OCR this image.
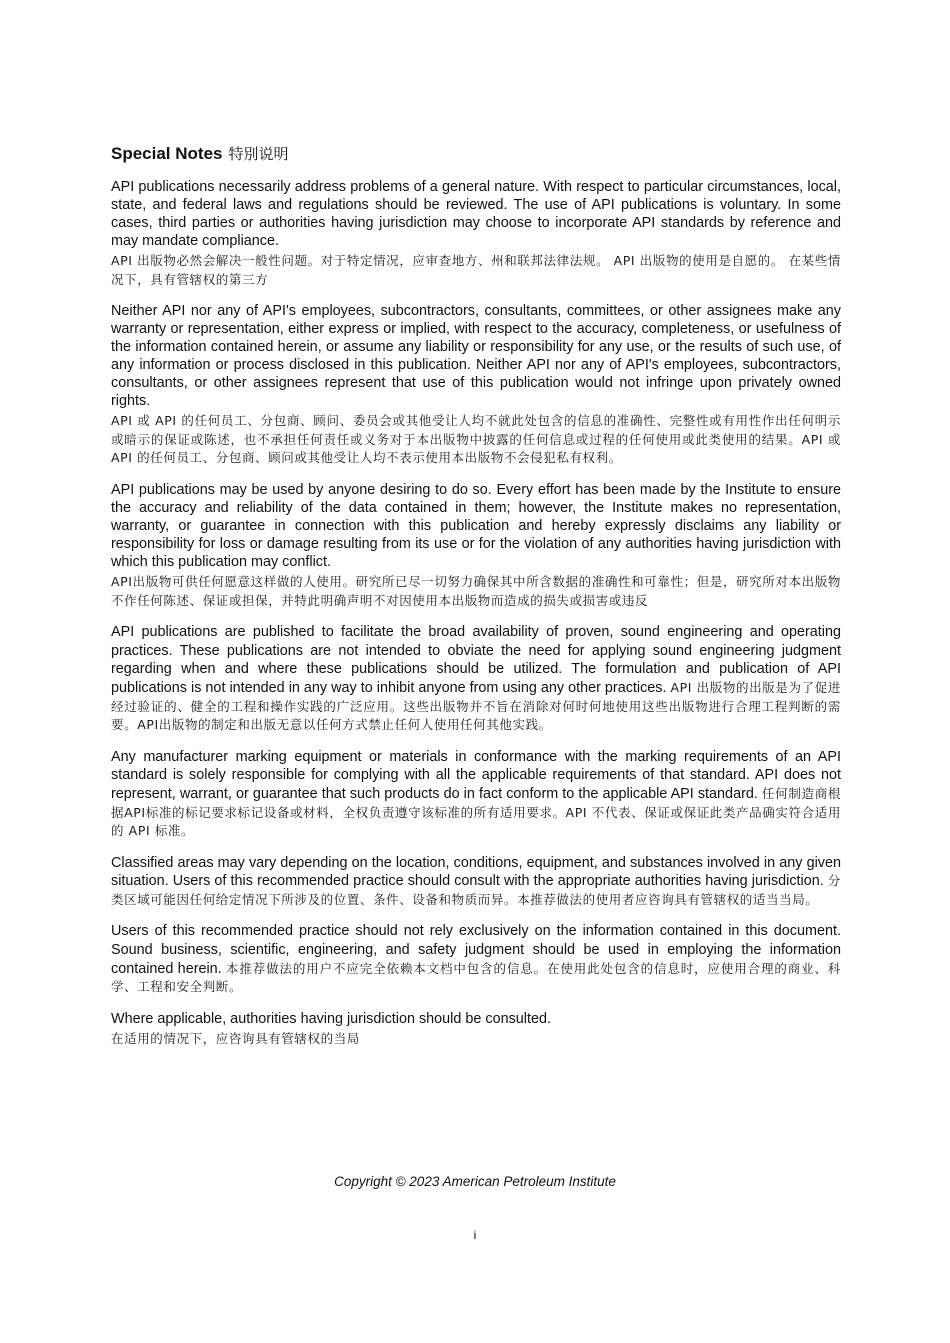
Special Notes 特別说明

API publications necessarily address problems of a general nature. With respect to particular circumstances, local, state, and federal laws and regulations should be reviewed. The use of API publications is voluntary. In some cases, third parties or authorities having jurisdiction may choose to incorporate API standards by reference and may mandate compliance.

API 出版物必然会解决一般性问题。对于特定情况，应审查地方、州和联邦法律法规。 API 出版物的使用是自愿的。 在某些情况下，具有管辖权的第三方

Neither API nor any of API's employees, subcontractors, consultants, committees, or other assignees make any warranty or representation, either express or implied, with respect to the accuracy, completeness, or usefulness of the information contained herein, or assume any liability or responsibility for any use, or the results of such use, of any information or process disclosed in this publication. Neither API nor any of API's employees, subcontractors, consultants, or other assignees represent that use of this publication would not infringe upon privately owned rights.

API 或 API 的任何员工、分包商、顾问、委员会或其他受让人均不就此处包含的信息的准确性、完整性或有用性作出任何明示或暗示的保证或陈述，也不承担任何责任或义务对于本出版物中披露的任何信息或过程的任何使用或此类使用的结果。API 或 API 的任何员工、分包商、顾问或其他受让人均不表示使用本出版物不会侵犯私有权利。

API publications may be used by anyone desiring to do so. Every effort has been made by the Institute to ensure the accuracy and reliability of the data contained in them; however, the Institute makes no representation, warranty, or guarantee in connection with this publication and hereby expressly disclaims any liability or responsibility for loss or damage resulting from its use or for the violation of any authorities having jurisdiction with which this publication may conflict.

API出版物可供任何愿意这样做的人使用。研究所已尽一切努力确保其中所含数据的准确性和可靠性；但是，研究所对本出版物不作任何陈述、保证或担保，并特此明确声明不对因使用本出版物而造成的损失或损害或违反

API publications are published to facilitate the broad availability of proven, sound engineering and operating practices. These publications are not intended to obviate the need for applying sound engineering judgment regarding when and where these publications should be utilized. The formulation and publication of API publications is not intended in any way to inhibit anyone from using any other practices. API 出版物的出版是为了促进经过验证的、健全的工程和操作实践的广泛应用。这些出版物并不旨在消除对何时何地使用这些出版物进行合理工程判断的需要。API出版物的制定和出版无意以任何方式禁止任何人使用任何其他实践。

Any manufacturer marking equipment or materials in conformance with the marking requirements of an API standard is solely responsible for complying with all the applicable requirements of that standard. API does not represent, warrant, or guarantee that such products do in fact conform to the applicable API standard. 任何制造商根据API标准的标记要求标记设备或材料，全权负责遵守该标准的所有适用要求。API 不代表、保证或保证此类产品确实符合适用的 API 标准。

Classified areas may vary depending on the location, conditions, equipment, and substances involved in any given situation. Users of this recommended practice should consult with the appropriate authorities having jurisdiction. 分类区域可能因任何给定情况下所涉及的位置、条件、设备和物质而异。本推荐做法的使用者应咨询具有管辖权的适当当局。

Users of this recommended practice should not rely exclusively on the information contained in this document. Sound business, scientific, engineering, and safety judgment should be used in employing the information contained herein. 本推荐做法的用户不应完全依赖本文档中包含的信息。在使用此处包含的信息时，应使用合理的商业、科学、工程和安全判断。

Where applicable, authorities having jurisdiction should be consulted.

在适用的情况下，应咨询具有管辖权的当局

Copyright © 2023 American Petroleum Institute
i
